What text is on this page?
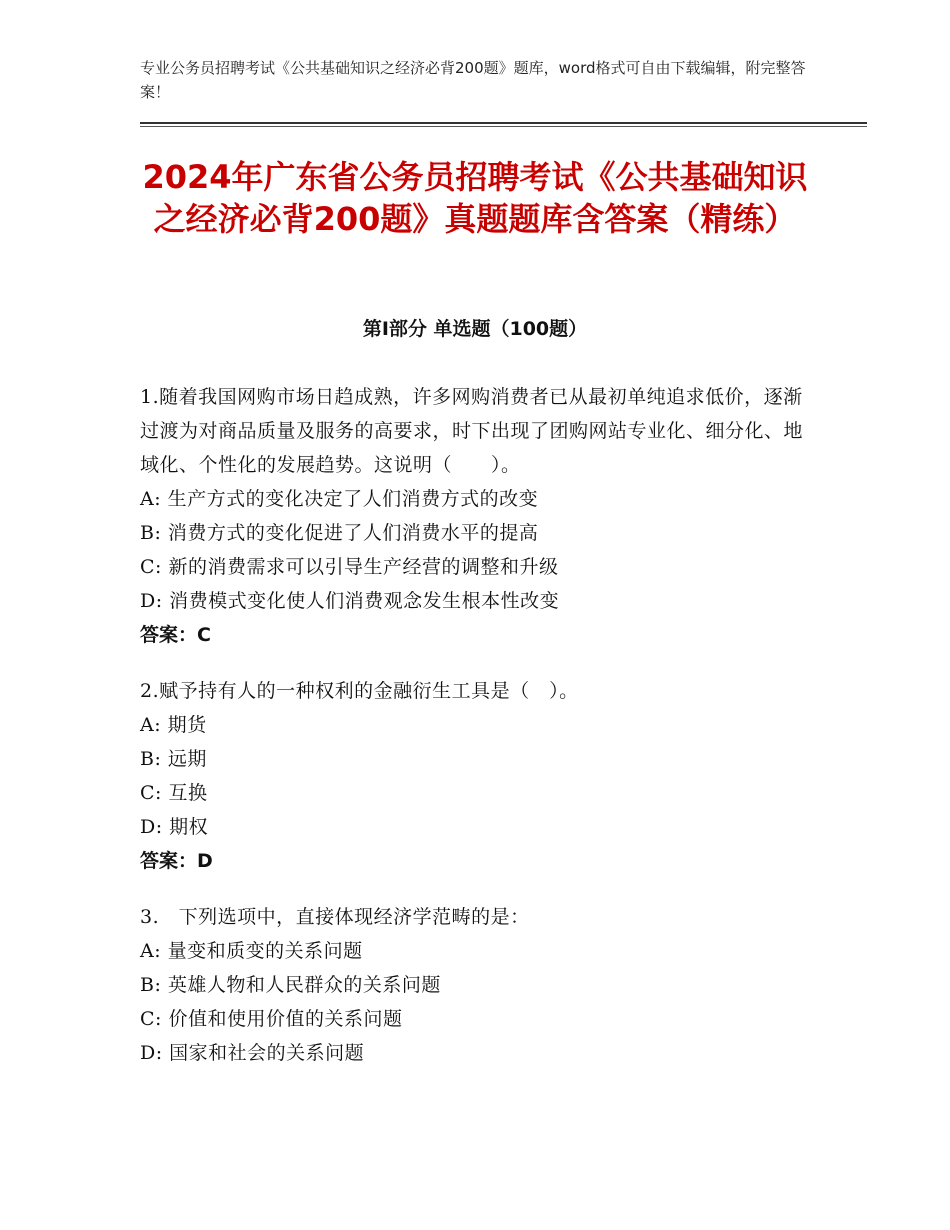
专业公务员招聘考试《公共基础知识之经济必背200题》题库，word格式可自由下载编辑，附完整答案！
2024年广东省公务员招聘考试《公共基础知识之经济必背200题》真题题库含答案（精练）
第Ⅰ部分 单选题（100题）
1.随着我国网购市场日趋成熟，许多网购消费者已从最初单纯追求低价，逐渐过渡为对商品质量及服务的高要求，时下出现了团购网站专业化、细分化、地域化、个性化的发展趋势。这说明（　　）。
A: 生产方式的变化决定了人们消费方式的改变
B: 消费方式的变化促进了人们消费水平的提高
C: 新的消费需求可以引导生产经营的调整和升级
D: 消费模式变化使人们消费观念发生根本性改变
答案：C
2.赋予持有人的一种权利的金融衍生工具是（　）。
A: 期货
B: 远期
C: 互换
D: 期权
答案：D
3.　下列选项中，直接体现经济学范畴的是：
A: 量变和质变的关系问题
B: 英雄人物和人民群众的关系问题
C: 价值和使用价值的关系问题
D: 国家和社会的关系问题
